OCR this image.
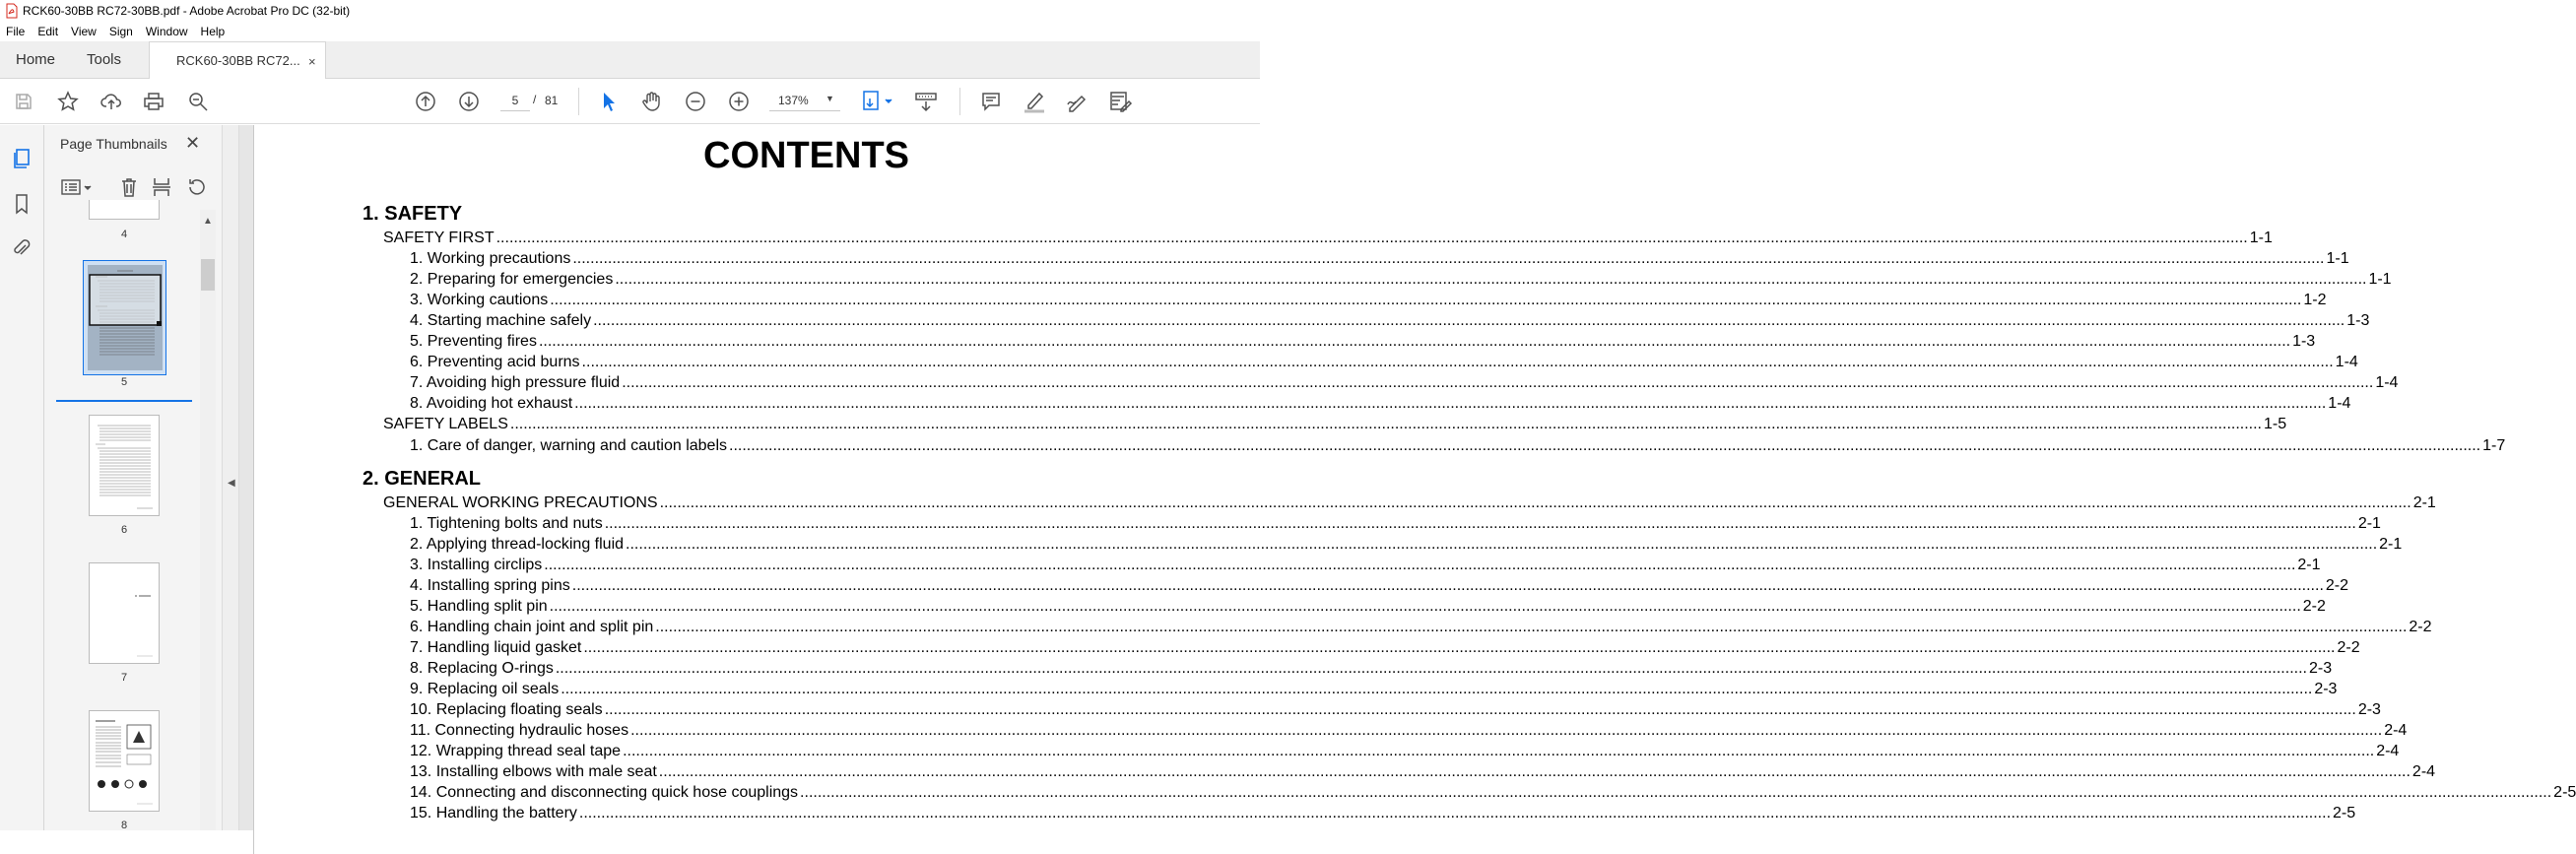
RCK60-30BB RC72-30BB.pdf - Adobe Acrobat Pro DC (32-bit)
File Edit View Sign Window Help
Home Tools	RCK60-30BB RC72... ×
5
/ 81	137% ▼
Page Thumbnails ✕
4
5
6
7
8
▲
◀
CONTENTS
1. SAFETY
SAFETY FIRST ................................................................................................................................................................................................................................................................................................................................................................................................................ 1-1
1. Working precautions ................................................................................................................................................................................................................................................................................................................................................................................................................ 1-1
2. Preparing for emergencies ................................................................................................................................................................................................................................................................................................................................................................................................................ 1-1
3. Working cautions ................................................................................................................................................................................................................................................................................................................................................................................................................ 1-2
4. Starting machine safely ................................................................................................................................................................................................................................................................................................................................................................................................................ 1-3
5. Preventing fires ................................................................................................................................................................................................................................................................................................................................................................................................................ 1-3
6. Preventing acid burns ................................................................................................................................................................................................................................................................................................................................................................................................................ 1-4
7. Avoiding high pressure fluid ................................................................................................................................................................................................................................................................................................................................................................................................................ 1-4
8. Avoiding hot exhaust ................................................................................................................................................................................................................................................................................................................................................................................................................ 1-4
SAFETY LABELS ................................................................................................................................................................................................................................................................................................................................................................................................................ 1-5
1. Care of danger, warning and caution labels ................................................................................................................................................................................................................................................................................................................................................................................................................ 1-7
2. GENERAL
GENERAL WORKING PRECAUTIONS ................................................................................................................................................................................................................................................................................................................................................................................................................ 2-1
1. Tightening bolts and nuts ................................................................................................................................................................................................................................................................................................................................................................................................................ 2-1
2. Applying thread-locking fluid ................................................................................................................................................................................................................................................................................................................................................................................................................ 2-1
3. Installing circlips ................................................................................................................................................................................................................................................................................................................................................................................................................ 2-1
4. Installing spring pins ................................................................................................................................................................................................................................................................................................................................................................................................................ 2-2
5. Handling split pin ................................................................................................................................................................................................................................................................................................................................................................................................................ 2-2
6. Handling chain joint and split pin ................................................................................................................................................................................................................................................................................................................................................................................................................ 2-2
7. Handling liquid gasket ................................................................................................................................................................................................................................................................................................................................................................................................................ 2-2
8. Replacing O-rings ................................................................................................................................................................................................................................................................................................................................................................................................................ 2-3
9. Replacing oil seals ................................................................................................................................................................................................................................................................................................................................................................................................................ 2-3
10. Replacing floating seals ................................................................................................................................................................................................................................................................................................................................................................................................................ 2-3
11. Connecting hydraulic hoses ................................................................................................................................................................................................................................................................................................................................................................................................................ 2-4
12. Wrapping thread seal tape ................................................................................................................................................................................................................................................................................................................................................................................................................ 2-4
13. Installing elbows with male seat ................................................................................................................................................................................................................................................................................................................................................................................................................ 2-4
14. Connecting and disconnecting quick hose couplings ................................................................................................................................................................................................................................................................................................................................................................................................................ 2-5
15. Handling the battery ................................................................................................................................................................................................................................................................................................................................................................................................................ 2-5
